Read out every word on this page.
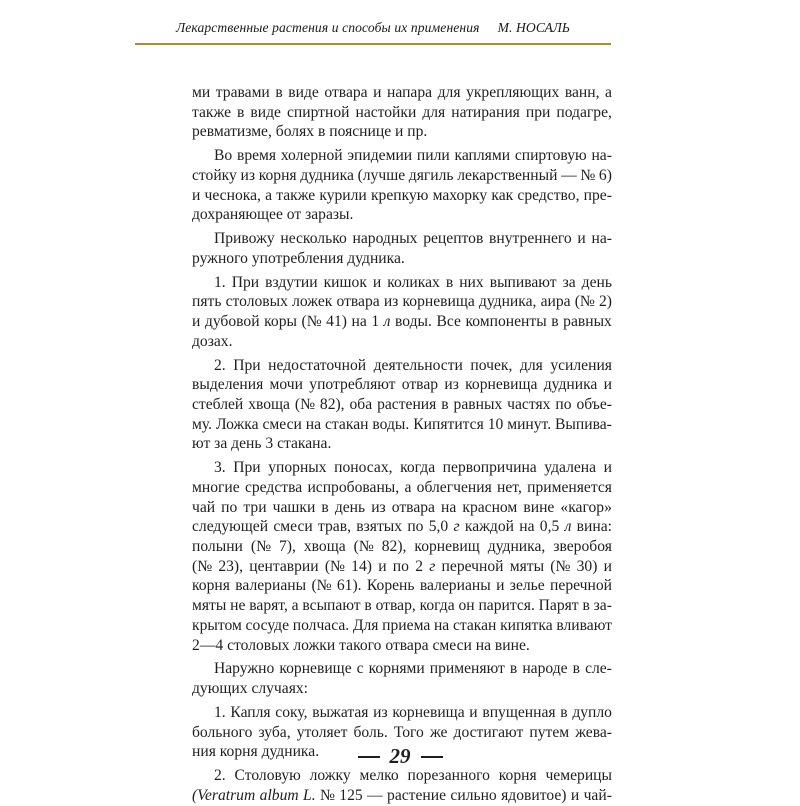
Лекарственные растения и способы их применения М. НОСАЛЬ
ми травами в виде отвара и напара для укрепляющих ванн, а
также в виде спиртной настойки для натирания при подагре,
ревматизме, болях в пояснице и пр.
Во время холерной эпидемии пили каплями спиртовую на-
стойку из корня дудника (лучше дягиль лекарственный — № 6)
и чеснока, а также курили крепкую махорку как средство, пре-
дохраняющее от заразы.
Привожу несколько народных рецептов внутреннего и на-
ружного употребления дудника.
1. При вздутии кишок и коликах в них выпивают за день
пять столовых ложек отвара из корневища дудника, аира (№ 2)
и дубовой коры (№ 41) на 1 л воды. Все компоненты в равных
дозах.
2. При недостаточной деятельности почек, для усиления
выделения мочи употребляют отвар из корневища дудника и
стеблей хвоща (№ 82), оба растения в равных частях по объе-
му. Ложка смеси на стакан воды. Кипятится 10 минут. Выпива-
ют за день 3 стакана.
3. При упорных поносах, когда первопричина удалена и
многие средства испробованы, а облегчения нет, применяется
чай по три чашки в день из отвара на красном вине «кагор»
следующей смеси трав, взятых по 5,0 г каждой на 0,5 л вина:
полыни (№ 7), хвоща (№ 82), корневищ дудника, зверобоя
(№ 23), центаврии (№ 14) и по 2 г перечной мяты (№ 30) и
корня валерианы (№ 61). Корень валерианы и зелье перечной
мяты не варят, а всыпают в отвар, когда он парится. Парят в за-
крытом сосуде полчаса. Для приема на стакан кипятка вливают
2—4 столовых ложки такого отвара смеси на вине.
Наружно корневище с корнями применяют в народе в сле-
дующих случаях:
1. Капля соку, выжатая из корневища и впущенная в дупло
больного зуба, утоляет боль. Того же достигают путем жева-
ния корня дудника.
2. Столовую ложку мелко порезанного корня чемерицы
(Veratrum album L. № 125 — растение сильно ядовитое) и чай-
29
